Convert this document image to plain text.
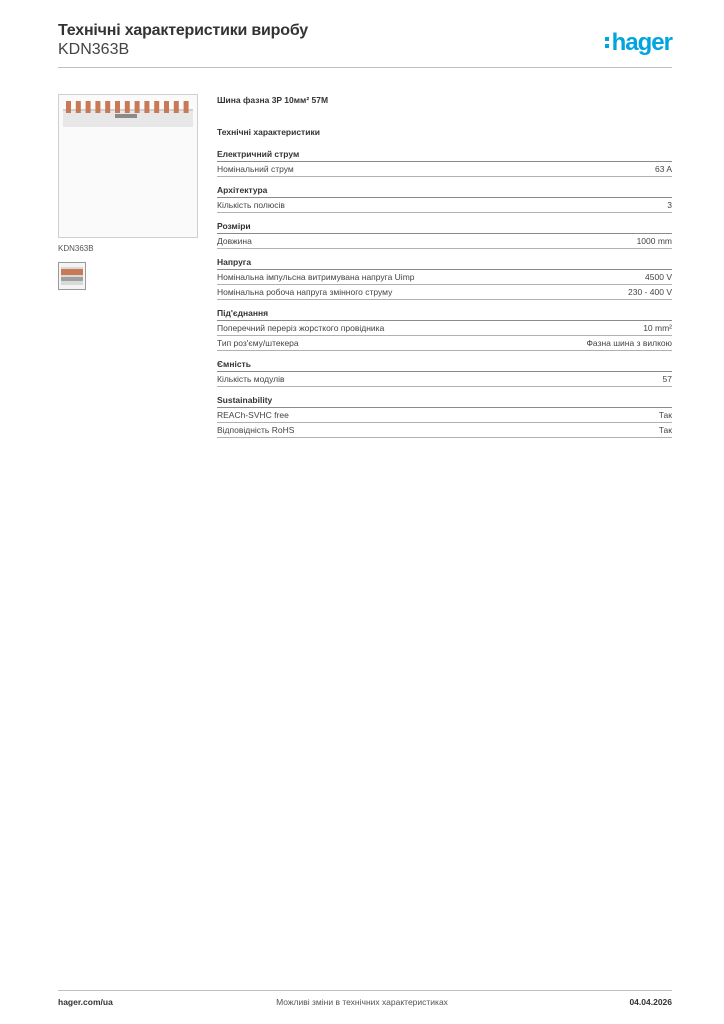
Технічні характеристики виробу
KDN363B	hager
KDN363B
Шина фазна 3P 10мм² 57M
Технічні характеристики
Електричний струм
Номінальний струм	63 A
Архітектура
Кількість полюсів	3
Розміри
Довжина	1000 mm
Напруга
Номінальна імпульсна витримувана напруга Uimp	4500 V
Номінальна робоча напруга змінного струму	230 - 400 V
Під'єднання
Поперечний переріз жорсткого провідника	10 mm²
Тип роз'єму/штекера	Фазна шина з вилкою
Ємність
Кількість модулів	57
Sustainability
REACh-SVHC free	Так
Відповідність RoHS	Так
Можливі зміни в технічних характеристиках
hager.com/ua	04.04.2026
